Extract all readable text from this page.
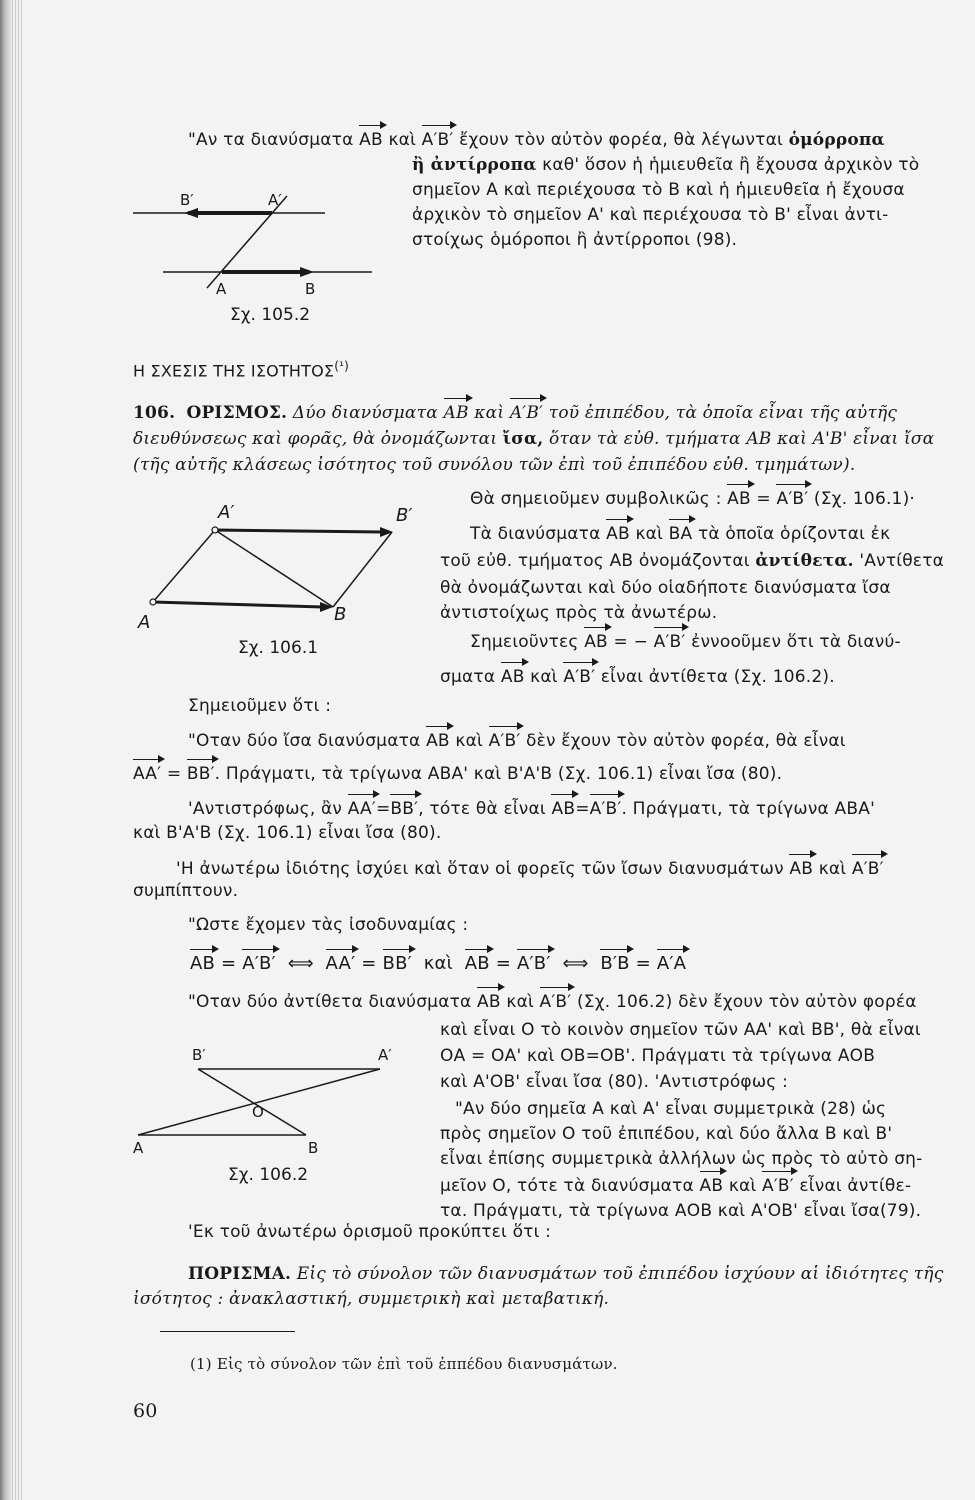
"Αν τα διανύσματα AB καὶ A′B′ ἔχουν τὸν αὐτὸν φορέα, θὰ λέγωνται ὁμόρροπα
ἢ ἀντίρροπα καθ' ὅσον ἡ ἡμιευθεῖα ἢ ἔχουσα ἀρχικὸν τὸ
σημεῖον Α καὶ περιέχουσα τὸ Β καὶ ἡ ἡμιευθεῖα ἡ ἔχουσα
ἀρχικὸν τὸ σημεῖον Α' καὶ περιέχουσα τὸ Β' εἶναι ἀντι-
στοίχως ὁμόροποι ἢ ἀντίρροποι (98).
B′	A′
A	B
Σχ. 105.2
Η ΣΧΕΣΙΣ ΤΗΣ $I\Sigma OTHTO\Sigma^{(^1)}$
106. ΟΡΙΣΜΟΣ. Δύο διανύσματα AB καὶ A′B′ τοῦ ἐπιπέδου, τὰ ὁποῖα εἶναι τῆς αὐτῆς
διευθύνσεως καὶ φορᾶς, θὰ ὀνομάζωνται ἴσα, ὅταν τὰ εὐθ. τμήματα ΑΒ καὶ Α'Β' εἶναι ἴσα
(τῆς αὐτῆς κλάσεως ἰσότητος τοῦ συνόλου τῶν ἐπὶ τοῦ ἐπιπέδου εὐθ. τμημάτων).
Θὰ σημειοῦμεν συμβολικῶς : AB = A′B′ (Σχ. 106.1)·
Τὰ διανύσματα AB καὶ BA τὰ ὁποῖα ὁρίζονται ἐκ
τοῦ εὐθ. τμήματος ΑΒ ὀνομάζονται ἀντίθετα. 'Αντίθετα
θὰ ὀνομάζωνται καὶ δύο οἱαδήποτε διανύσματα ἴσα
ἀντιστοίχως πρὸς τὰ ἀνωτέρω.
Σημειοῦντες AB = − A′B′ ἐννοοῦμεν ὅτι τὰ διανύ-
σματα AB καὶ A′B′ εἶναι ἀντίθετα (Σχ. 106.2).
A′	B′
A	B
Σχ. 106.1
Σημειοῦμεν ὅτι :
"Οταν δύο ἴσα διανύσματα AB καὶ A′B′ δὲν ἔχουν τὸν αὐτὸν φορέα, θὰ εἶναι
AA′ = BB′. Πράγματι, τὰ τρίγωνα ΑΒΑ' καὶ Β'Α'Β (Σχ. 106.1) εἶναι ἴσα (80).
'Αντιστρόφως, ἂν AA′=BB′, τότε θὰ εἶναι AB=A′B′. Πράγματι, τὰ τρίγωνα ΑΒΑ'
καὶ Β'Α'Β (Σχ. 106.1) εἶναι ἴσα (80).
'Η ἀνωτέρω ἰδιότης ἰσχύει καὶ ὅταν οἱ φορεῖς τῶν ἴσων διανυσμάτων AB καὶ A′B′
συμπίπτουν.
"Ωστε ἔχομεν τὰς ἰσοδυναμίας :
AB = A′B′ ⟺ AA′ = BB′ καὶ AB = A′B′ ⟺ B′B = A′A
"Οταν δύο ἀντίθετα διανύσματα AB καὶ A′B′ (Σχ. 106.2) δὲν ἔχουν τὸν αὐτὸν φορέα
καὶ εἶναι Ο τὸ κοινὸν σημεῖον τῶν ΑΑ' καὶ ΒΒ', θὰ εἶναι
ΟΑ = ΟΑ' καὶ ΟΒ=ΟΒ'. Πράγματι τὰ τρίγωνα ΑΟΒ
καὶ Α'ΟΒ' εἶναι ἴσα (80). 'Αντιστρόφως :
"Αν δύο σημεῖα Α καὶ Α' εἶναι συμμετρικὰ (28) ὡς
πρὸς σημεῖον Ο τοῦ ἐπιπέδου, καὶ δύο ἄλλα Β καὶ Β'
εἶναι ἐπίσης συμμετρικὰ ἀλλήλων ὡς πρὸς τὸ αὐτὸ ση-
μεῖον Ο, τότε τὰ διανύσματα AB καὶ A′B′ εἶναι ἀντίθε-
τα. Πράγματι, τὰ τρίγωνα ΑΟΒ καὶ Α'ΟΒ' εἶναι ἴσα(79).
'Εκ τοῦ ἀνωτέρω ὁρισμοῦ προκύπτει ὅτι :
B′	A′
O
A	B
Σχ. 106.2
ΠΟΡΙΣΜΑ. Εἰς τὸ σύνολον τῶν διανυσμάτων τοῦ ἐπιπέδου ἰσχύουν αἱ ἰδιότητες τῆς
ἰσότητος : ἀνακλαστική, συμμετρικὴ καὶ μεταβατική.
(1) Εἰς τὸ σύνολον τῶν ἐπὶ τοῦ ἐππέδου διανυσμάτων.
60
